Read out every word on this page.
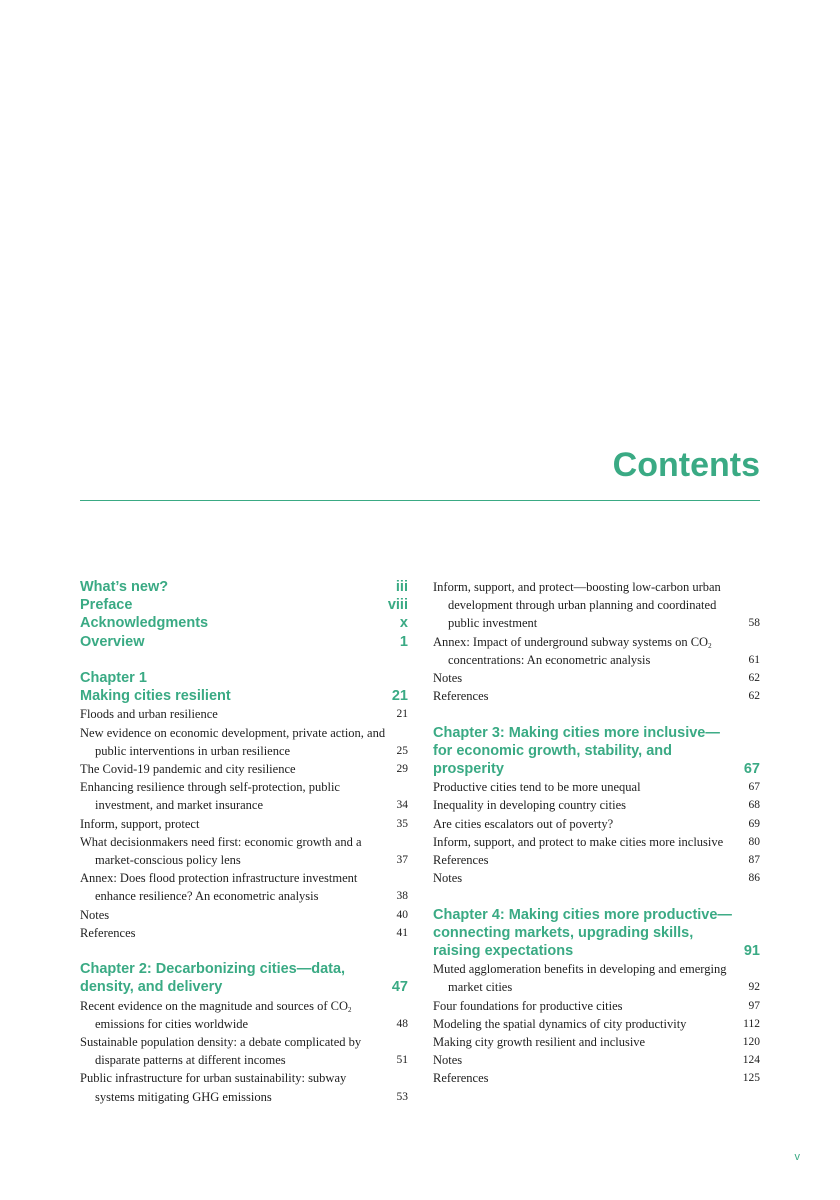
Contents
What’s new?	iii
Preface	viii
Acknowledgments	x
Overview	1
Chapter 1
Making cities resilient	21
Floods and urban resilience	21
New evidence on economic development, private action, and public interventions in urban resilience	25
The Covid-19 pandemic and city resilience	29
Enhancing resilience through self-protection, public investment, and market insurance	34
Inform, support, protect	35
What decisionmakers need first: economic growth and a market-conscious policy lens	37
Annex: Does flood protection infrastructure investment enhance resilience? An econometric analysis	38
Notes	40
References	41
Chapter 2: Decarbonizing cities—data, density, and delivery	47
Recent evidence on the magnitude and sources of $CO_2$ emissions for cities worldwide	48
Sustainable population density: a debate complicated by disparate patterns at different incomes	51
Public infrastructure for urban sustainability: subway systems mitigating GHG emissions	53
Inform, support, and protect—boosting low-carbon urban development through urban planning and coordinated public investment	58
Annex: Impact of underground subway systems on $CO_2$ concentrations: An econometric analysis	61
Notes	62
References	62
Chapter 3: Making cities more inclusive—for economic growth, stability, and prosperity	67
Productive cities tend to be more unequal	67
Inequality in developing country cities	68
Are cities escalators out of poverty?	69
Inform, support, and protect to make cities more inclusive	80
References	87
Notes	86
Chapter 4: Making cities more productive—connecting markets, upgrading skills, raising expectations	91
Muted agglomeration benefits in developing and emerging market cities	92
Four foundations for productive cities	97
Modeling the spatial dynamics of city productivity	112
Making city growth resilient and inclusive	120
Notes	124
References	125
v
